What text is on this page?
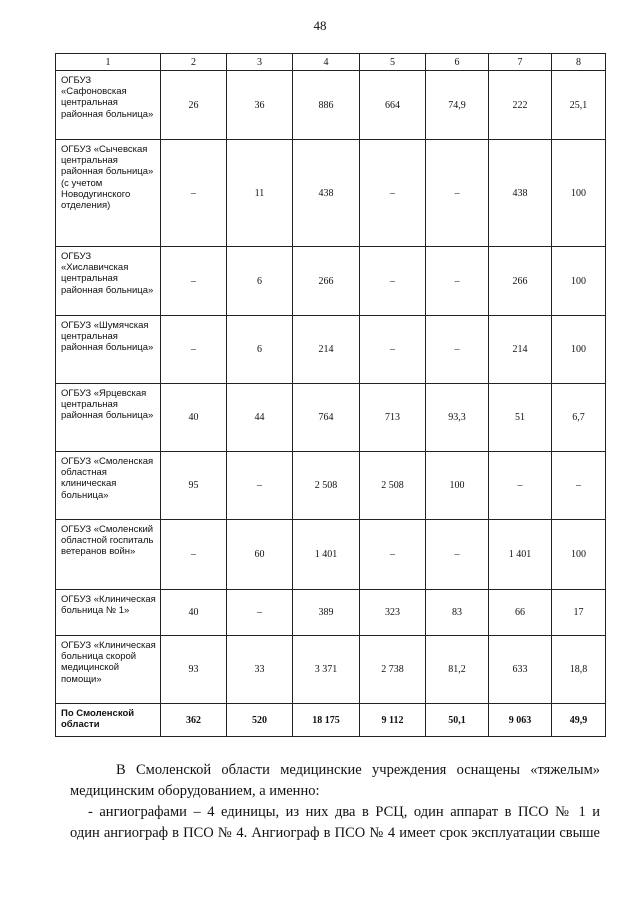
48
1	2	3	4	5	6	7	8
ОГБУЗ «Сафоновская центральная районная больница»	26	36	886	664	74,9	222	25,1
ОГБУЗ «Сычевская центральная районная больница» (с учетом Новодугинского отделения)	–	11	438	–	–	438	100
ОГБУЗ «Хиславичская центральная районная больница»	–	6	266	–	–	266	100
ОГБУЗ «Шумячская центральная районная больница»	–	6	214	–	–	214	100
ОГБУЗ «Ярцевская центральная районная больница»	40	44	764	713	93,3	51	6,7
ОГБУЗ «Смоленская областная клиническая больница»	95	–	2 508	2 508	100	–	–
ОГБУЗ «Смоленский областной госпиталь ветеранов войн»	–	60	1 401	–	–	1 401	100
ОГБУЗ «Клиническая больница № 1»	40	–	389	323	83	66	17
ОГБУЗ «Клиническая больница скорой медицинской помощи»	93	33	3 371	2 738	81,2	633	18,8
По Смоленской области	362	520	18 175	9 112	50,1	9 063	49,9
В Смоленской области медицинские учреждения оснащены «тяжелым»
медицинским оборудованием, а именно:
- ангиографами – 4 единицы, из них два в РСЦ, один аппарат в ПСО № 1 и
один ангиограф в ПСО № 4. Ангиограф в ПСО № 4 имеет срок эксплуатации свыше
